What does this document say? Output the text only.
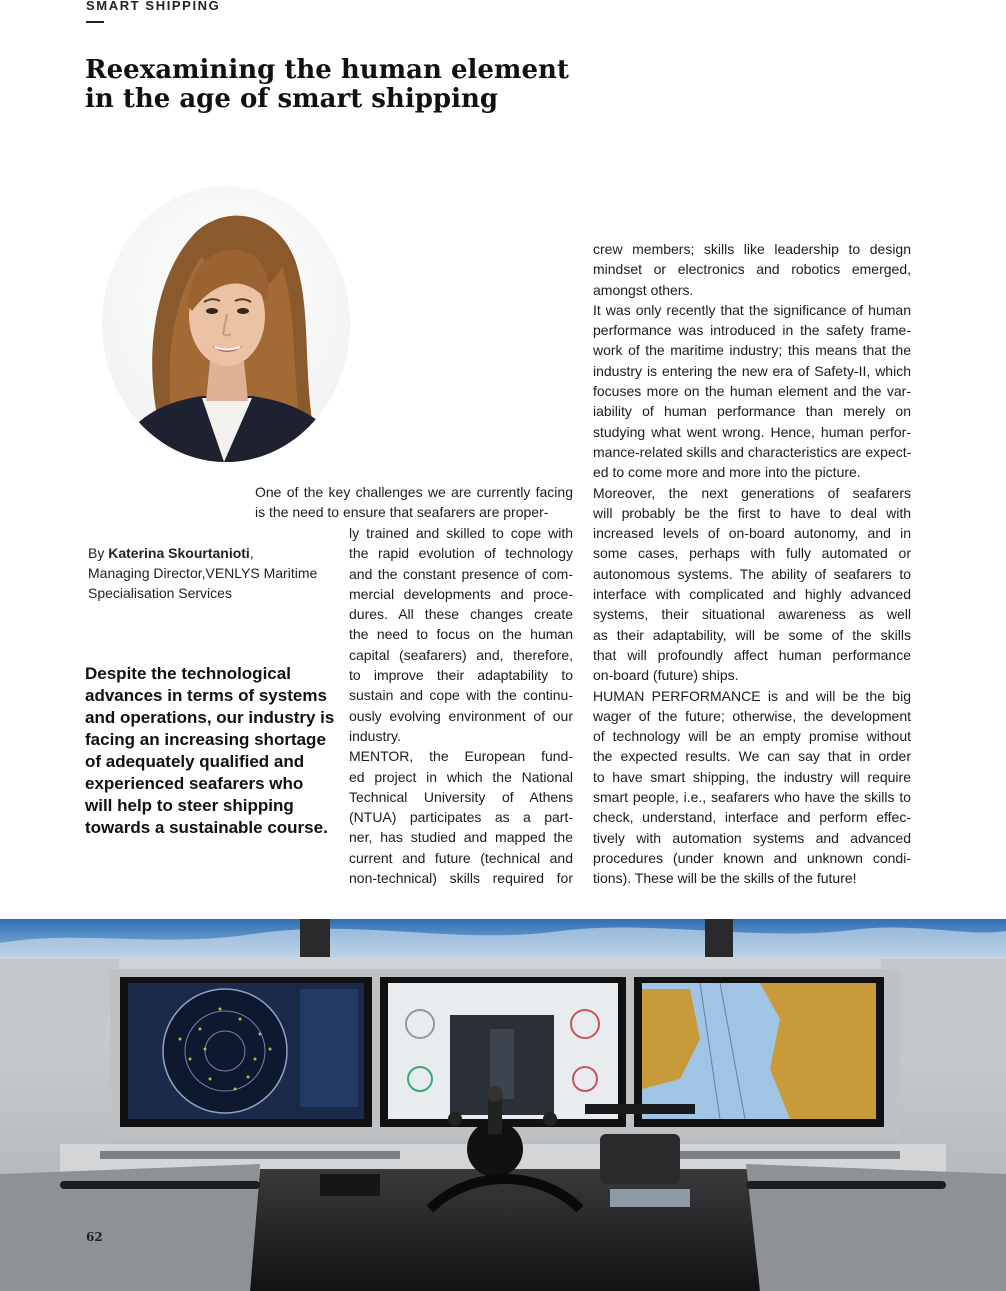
SMART SHIPPING
Reexamining the human element
in the age of smart shipping
By Katerina Skourtanioti,
Managing Director,VENLYS Maritime
Specialisation Services
Despite the technological
advances in terms of systems
and operations, our industry is
facing an increasing shortage
of adequately qualified and
experienced seafarers who
will help to steer shipping
towards a sustainable course.
One of the key challenges we are currently facing
is the need to ensure that seafarers are proper-
ly trained and skilled to cope with
the rapid evolution of technology
and the constant presence of com-
mercial developments and proce-
dures. All these changes create
the need to focus on the human
capital (seafarers) and, therefore,
to improve their adaptability to
sustain and cope with the continu-
ously evolving environment of our
industry.
MENTOR, the European fund-
ed project in which the National
Technical University of Athens
(NTUA) participates as a part-
ner, has studied and mapped the
current and future (technical and
non-technical) skills required for
crew members; skills like leadership to design
mindset or electronics and robotics emerged,
amongst others.
It was only recently that the significance of human
performance was introduced in the safety frame-
work of the maritime industry; this means that the
industry is entering the new era of Safety-II, which
focuses more on the human element and the var-
iability of human performance than merely on
studying what went wrong. Hence, human perfor-
mance-related skills and characteristics are expect-
ed to come more and more into the picture.
Moreover, the next generations of seafarers
will probably be the first to have to deal with
increased levels of on-board autonomy, and in
some cases, perhaps with fully automated or
autonomous systems. The ability of seafarers to
interface with complicated and highly advanced
systems, their situational awareness as well
as their adaptability, will be some of the skills
that will profoundly affect human performance
on-board (future) ships.
HUMAN PERFORMANCE is and will be the big
wager of the future; otherwise, the development
of technology will be an empty promise without
the expected results. We can say that in order
to have smart shipping, the industry will require
smart people, i.e., seafarers who have the skills to
check, understand, interface and perform effec-
tively with automation systems and advanced
procedures (under known and unknown condi-
tions). These will be the skills of the future!
62
